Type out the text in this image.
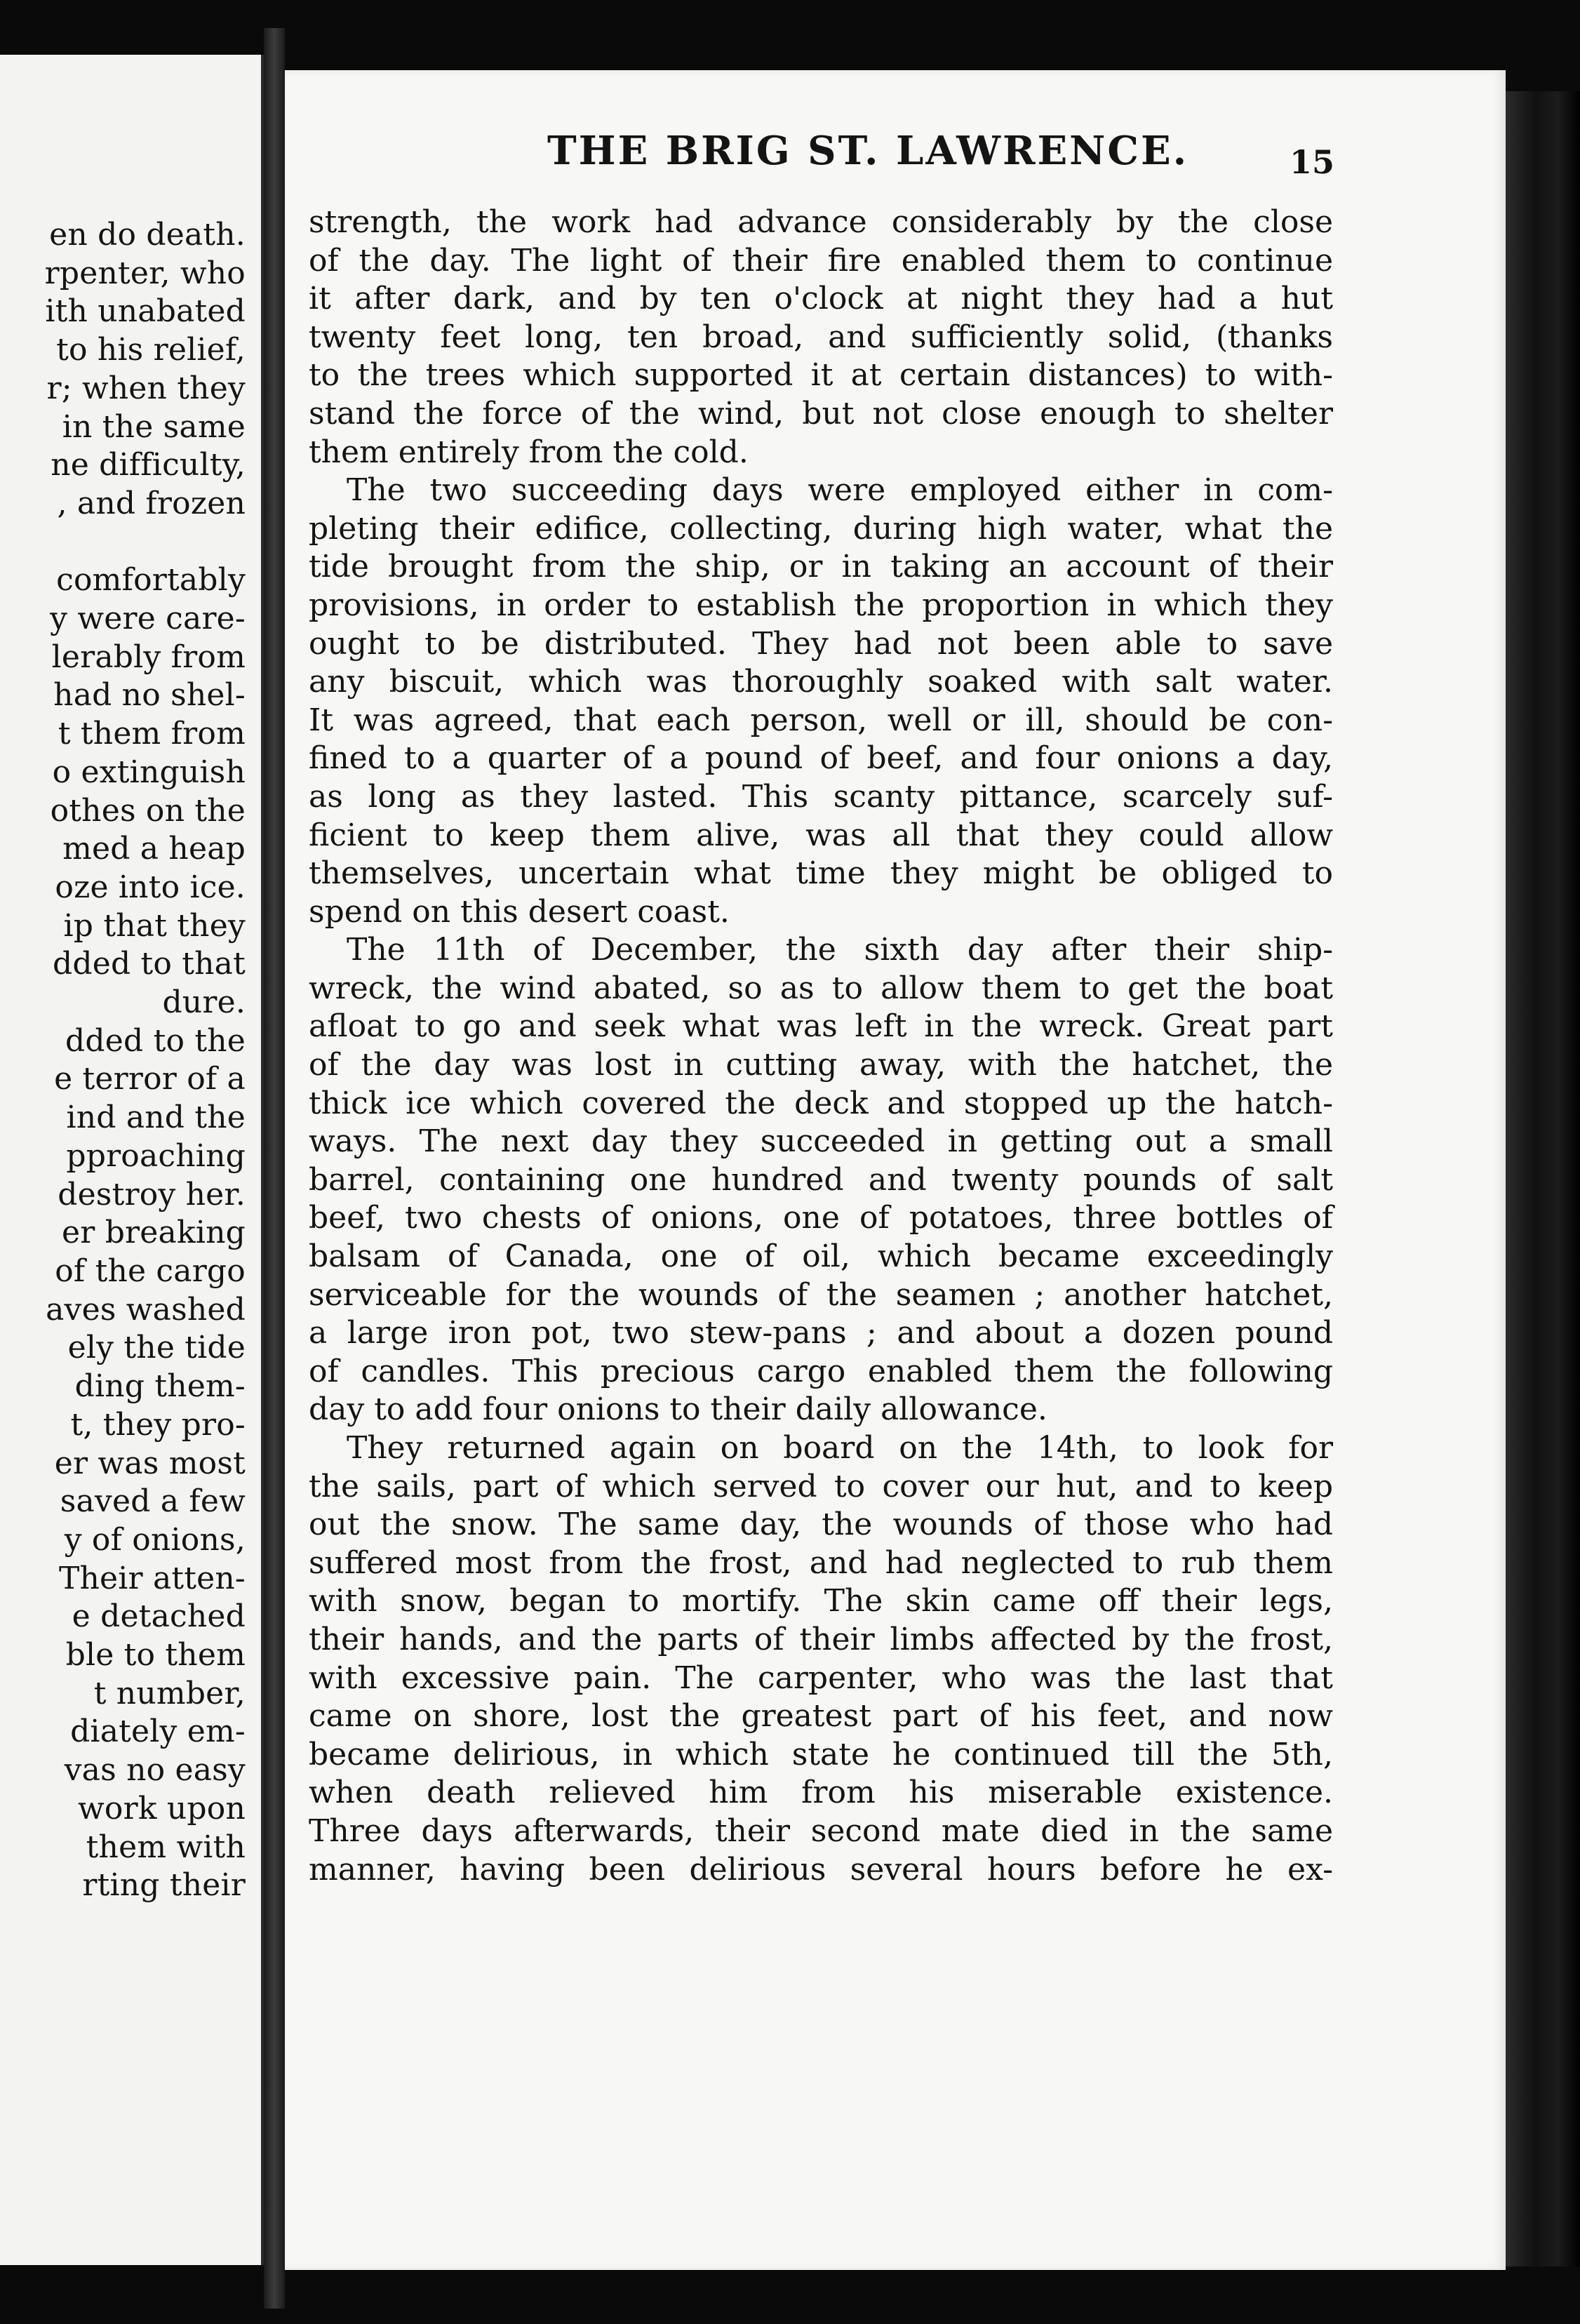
en do death.
rpenter, who
ith unabated
to his relief,
r; when they
in the same
ne difficulty,
, and frozen

comfortably
y were care-
lerably from
had no shel-
t them from
o extinguish
othes on the
med a heap
oze into ice.
ip that they
dded to that
dure.
dded to the
e terror of a
ind and the
pproaching
destroy her.
er breaking
of the cargo
aves washed
ely the tide
ding them-
t, they pro-
er was most
saved a few
y of onions,
Their atten-
e detached
ble to them
t number,
diately em-
vas no easy
work upon
them with
rting their
THE BRIG ST. LAWRENCE.	15
strength, the work had advance considerably by the close
of the day. The light of their fire enabled them to continue
it after dark, and by ten o'clock at night they had a hut
twenty feet long, ten broad, and sufficiently solid, (thanks
to the trees which supported it at certain distances) to with-
stand the force of the wind, but not close enough to shelter
them entirely from the cold.
The two succeeding days were employed either in com-
pleting their edifice, collecting, during high water, what the
tide brought from the ship, or in taking an account of their
provisions, in order to establish the proportion in which they
ought to be distributed. They had not been able to save
any biscuit, which was thoroughly soaked with salt water.
It was agreed, that each person, well or ill, should be con-
fined to a quarter of a pound of beef, and four onions a day,
as long as they lasted. This scanty pittance, scarcely suf-
ficient to keep them alive, was all that they could allow
themselves, uncertain what time they might be obliged to
spend on this desert coast.
The 11th of December, the sixth day after their ship-
wreck, the wind abated, so as to allow them to get the boat
afloat to go and seek what was left in the wreck. Great part
of the day was lost in cutting away, with the hatchet, the
thick ice which covered the deck and stopped up the hatch-
ways. The next day they succeeded in getting out a small
barrel, containing one hundred and twenty pounds of salt
beef, two chests of onions, one of potatoes, three bottles of
balsam of Canada, one of oil, which became exceedingly
serviceable for the wounds of the seamen ; another hatchet,
a large iron pot, two stew-pans ; and about a dozen pound
of candles. This precious cargo enabled them the following
day to add four onions to their daily allowance.
They returned again on board on the 14th, to look for
the sails, part of which served to cover our hut, and to keep
out the snow. The same day, the wounds of those who had
suffered most from the frost, and had neglected to rub them
with snow, began to mortify. The skin came off their legs,
their hands, and the parts of their limbs affected by the frost,
with excessive pain. The carpenter, who was the last that
came on shore, lost the greatest part of his feet, and now
became delirious, in which state he continued till the 5th,
when death relieved him from his miserable existence.
Three days afterwards, their second mate died in the same
manner, having been delirious several hours before he ex-
